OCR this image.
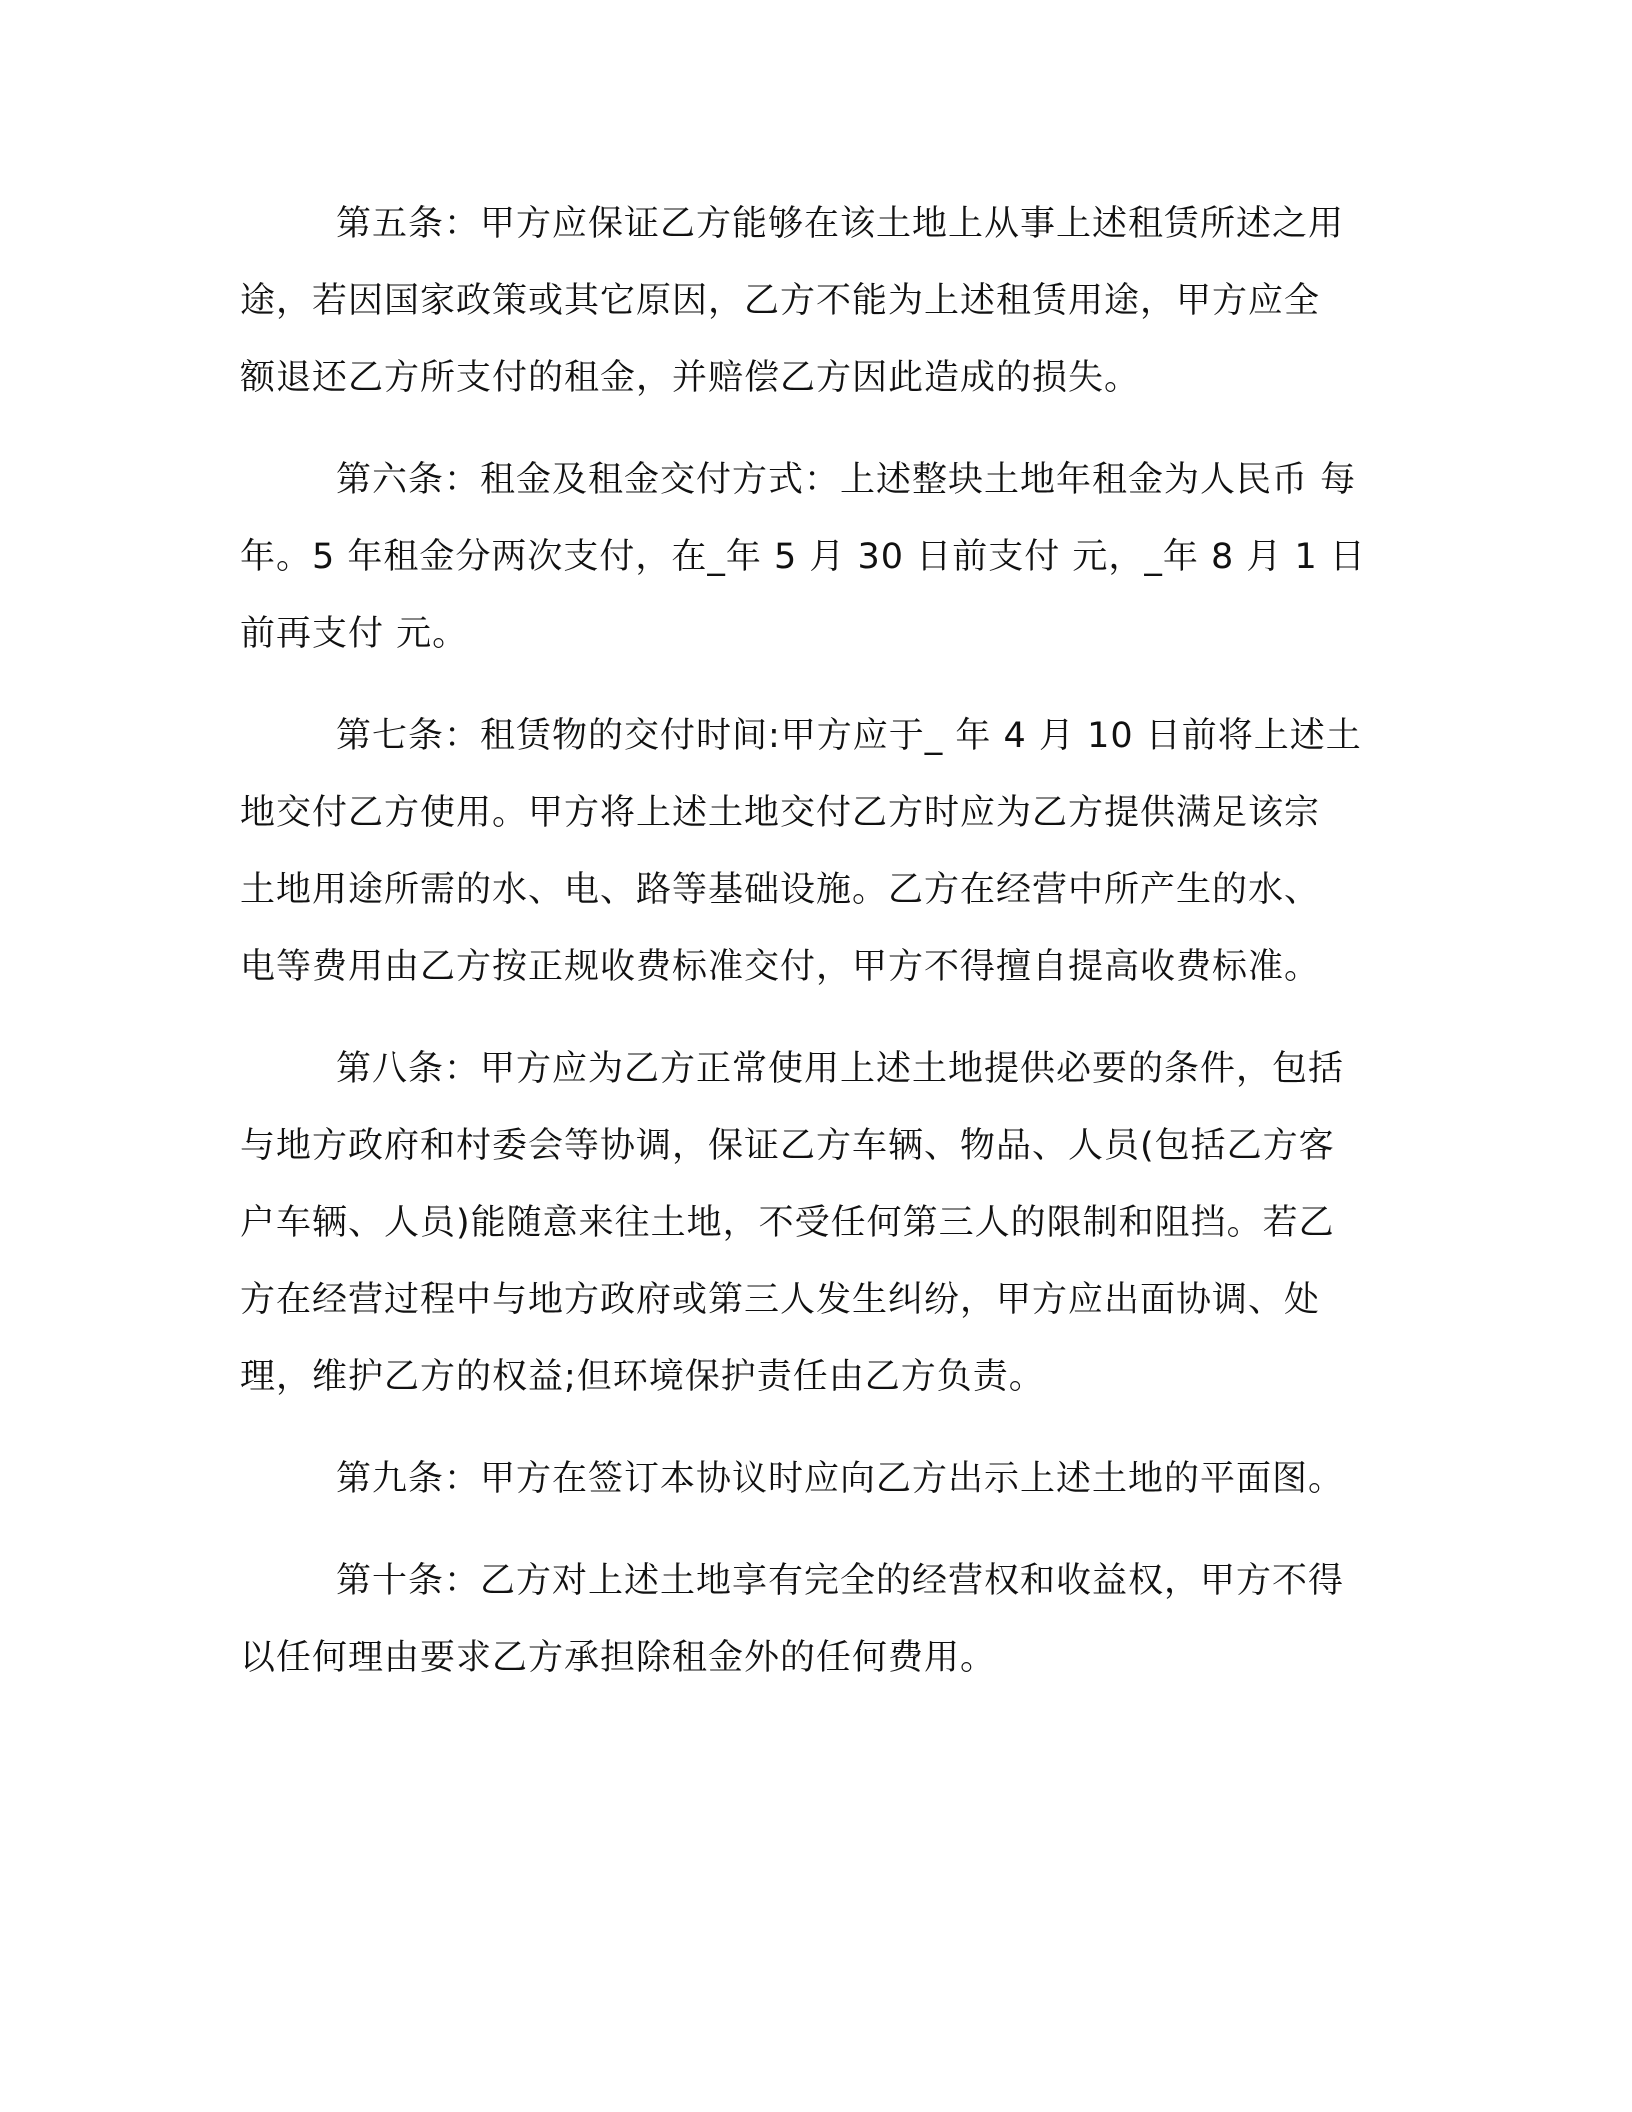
第五条：甲方应保证乙方能够在该土地上从事上述租赁所述之用
途，若因国家政策或其它原因，乙方不能为上述租赁用途，甲方应全
额退还乙方所支付的租金，并赔偿乙方因此造成的损失。

第六条：租金及租金交付方式：上述整块土地年租金为人民币 每
年。5 年租金分两次支付，在_年 5 月 30 日前支付 元，_年 8 月 1 日
前再支付 元。

第七条：租赁物的交付时间:甲方应于_ 年 4 月 10 日前将上述土
地交付乙方使用。甲方将上述土地交付乙方时应为乙方提供满足该宗
土地用途所需的水、电、路等基础设施。乙方在经营中所产生的水、
电等费用由乙方按正规收费标准交付，甲方不得擅自提高收费标准。

第八条：甲方应为乙方正常使用上述土地提供必要的条件，包括
与地方政府和村委会等协调，保证乙方车辆、物品、人员(包括乙方客
户车辆、人员)能随意来往土地，不受任何第三人的限制和阻挡。若乙
方在经营过程中与地方政府或第三人发生纠纷，甲方应出面协调、处
理，维护乙方的权益;但环境保护责任由乙方负责。

第九条：甲方在签订本协议时应向乙方出示上述土地的平面图。

第十条：乙方对上述土地享有完全的经营权和收益权，甲方不得
以任何理由要求乙方承担除租金外的任何费用。
